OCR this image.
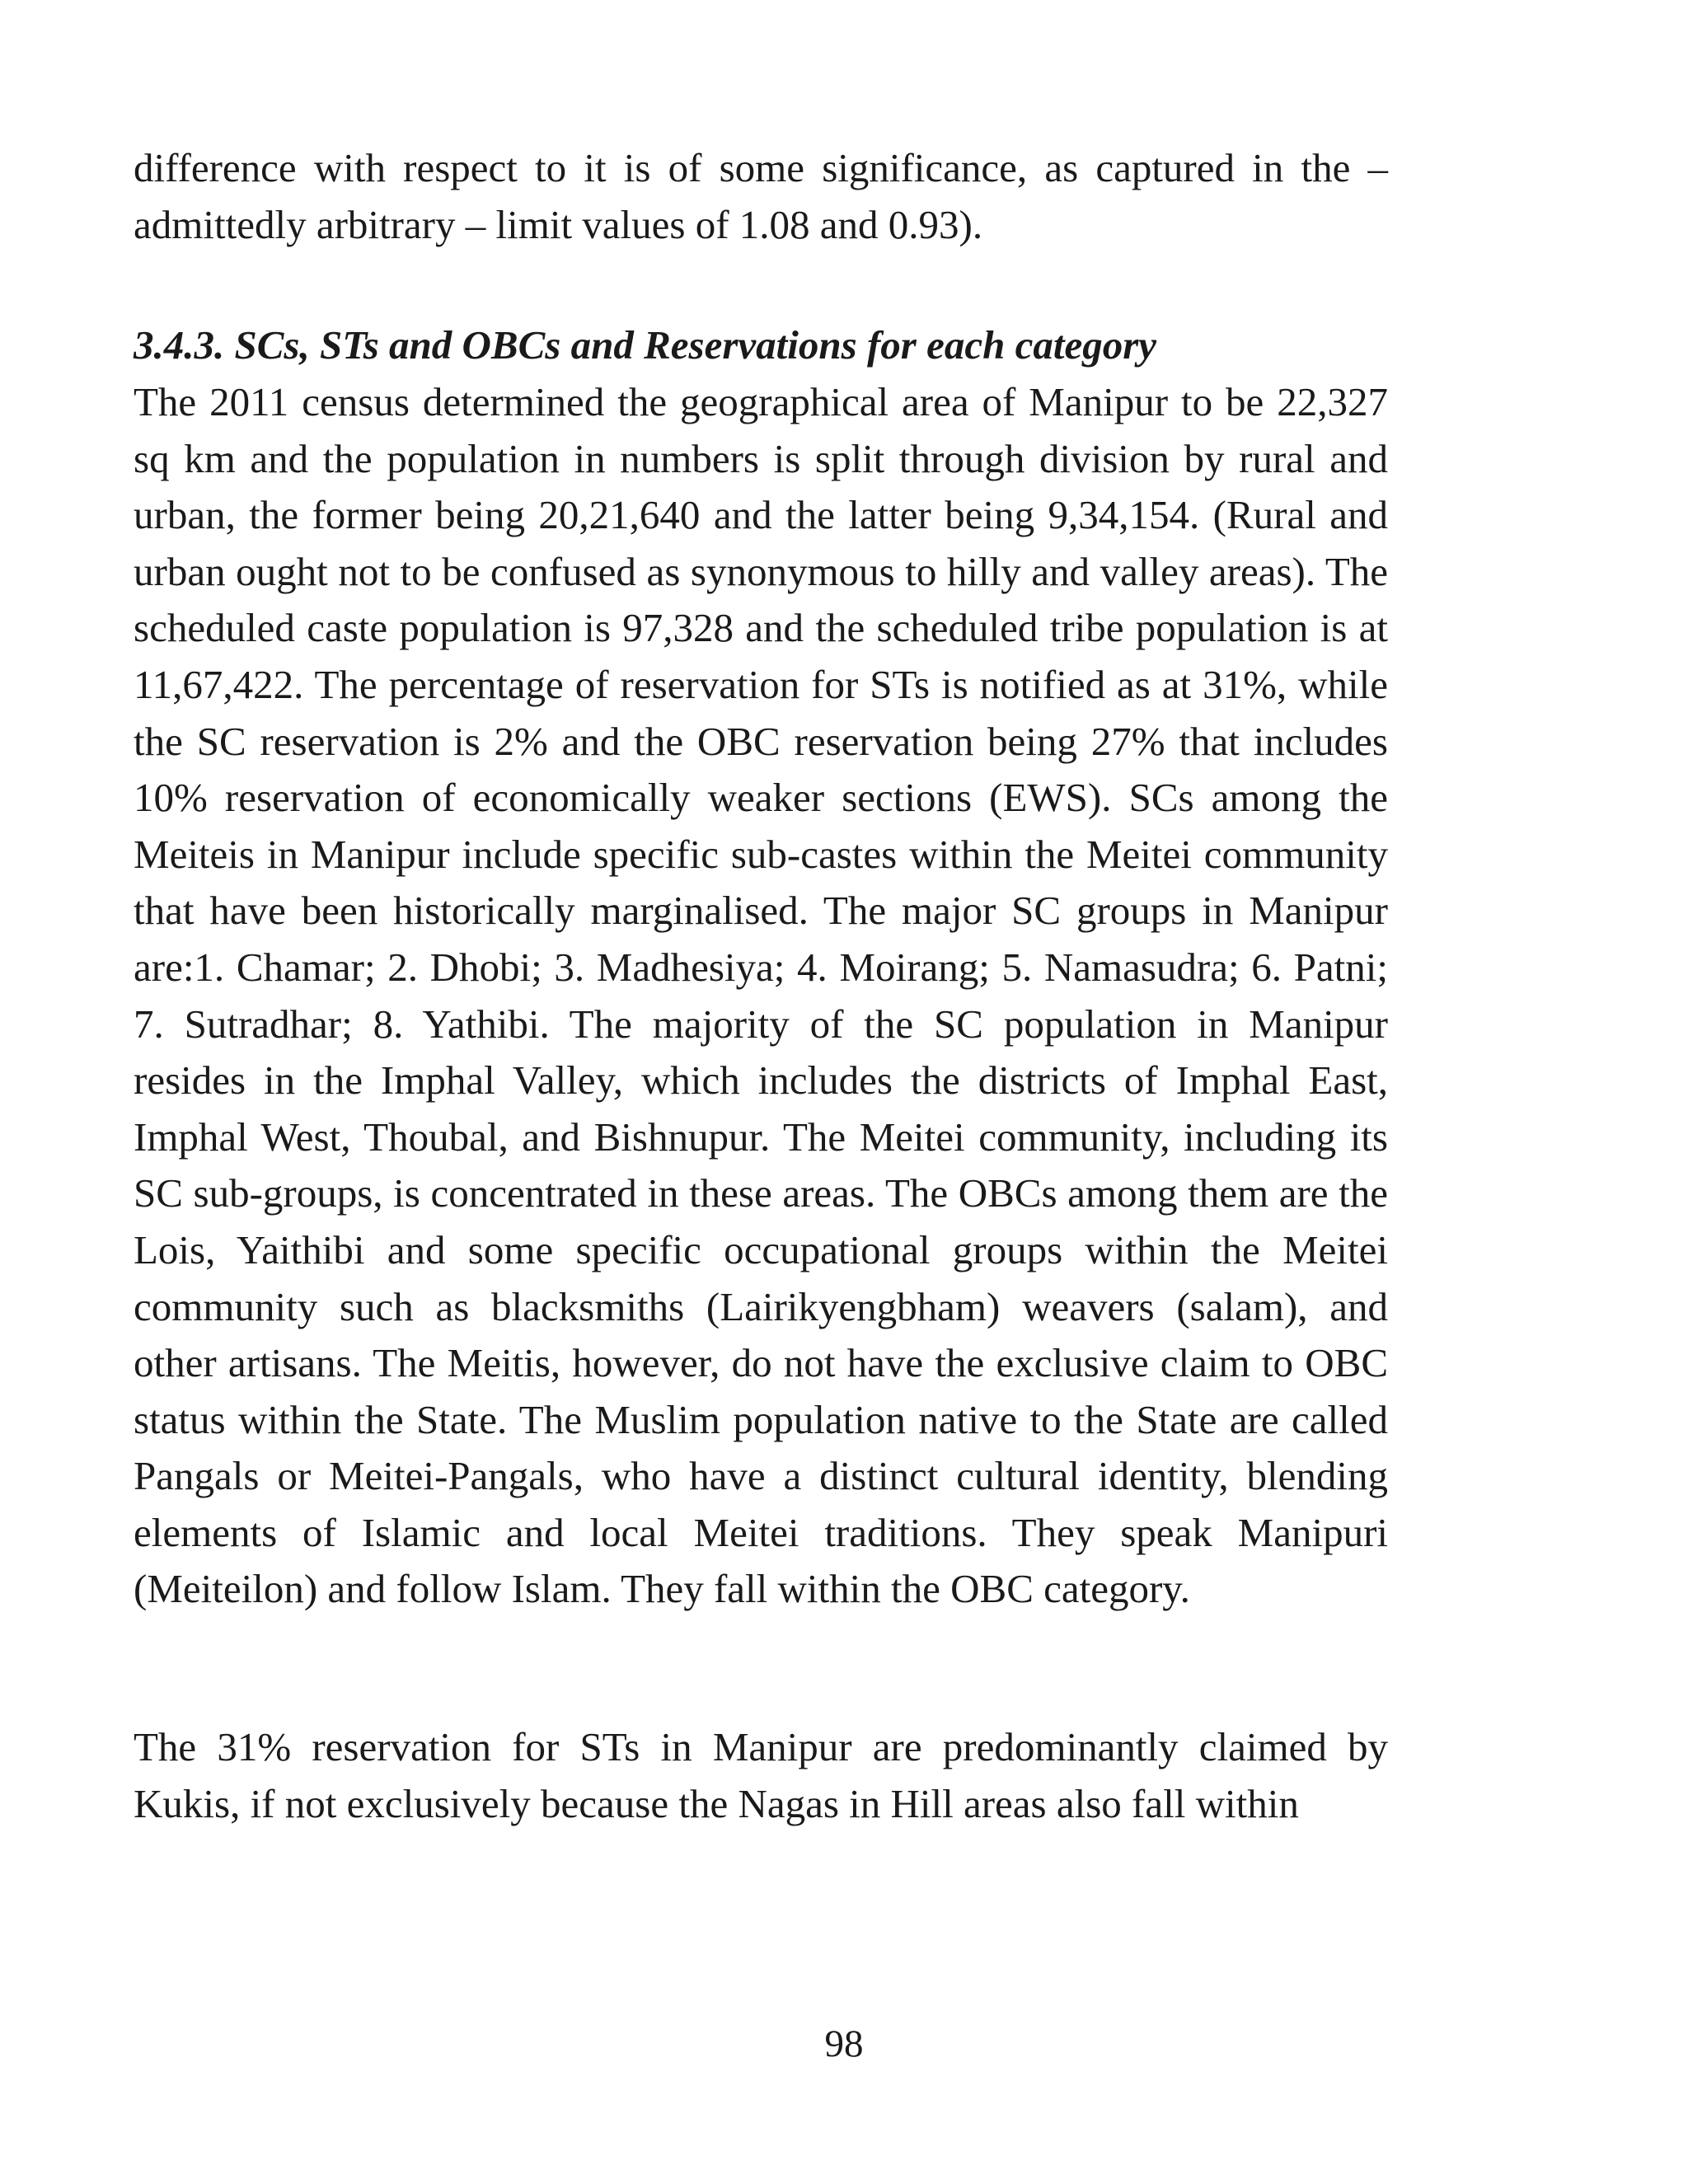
difference with respect to it is of some significance, as captured in the – admittedly arbitrary – limit values of 1.08 and 0.93).

3.4.3. SCs, STs and OBCs and Reservations for each category

The 2011 census determined the geographical area of Manipur to be 22,327 sq km and the population in numbers is split through division by rural and urban, the former being 20,21,640 and the latter being 9,34,154. (Rural and urban ought not to be confused as synonymous to hilly and valley areas). The scheduled caste population is 97,328 and the scheduled tribe population is at 11,67,422. The percentage of reservation for STs is notified as at 31%, while the SC reservation is 2% and the OBC reservation being 27% that includes 10% reservation of economically weaker sections (EWS). SCs among the Meiteis in Manipur include specific sub-castes within the Meitei community that have been historically marginalised. The major SC groups in Manipur are:1. Chamar; 2. Dhobi; 3. Madhesiya; 4. Moirang; 5. Namasudra; 6. Patni; 7. Sutradhar; 8. Yathibi. The majority of the SC population in Manipur resides in the Imphal Valley, which includes the districts of Imphal East, Imphal West, Thoubal, and Bishnupur. The Meitei community, including its SC sub-groups, is concentrated in these areas. The OBCs among them are the Lois, Yaithibi and some specific occupational groups within the Meitei community such as blacksmiths (Lairikyengbham) weavers (salam), and other artisans. The Meitis, however, do not have the exclusive claim to OBC status within the State. The Muslim population native to the State are called Pangals or Meitei-Pangals, who have a distinct cultural identity, blending elements of Islamic and local Meitei traditions. They speak Manipuri (Meiteilon) and follow Islam. They fall within the OBC category.

The 31% reservation for STs in Manipur are predominantly claimed by Kukis, if not exclusively because the Nagas in Hill areas also fall within

98
